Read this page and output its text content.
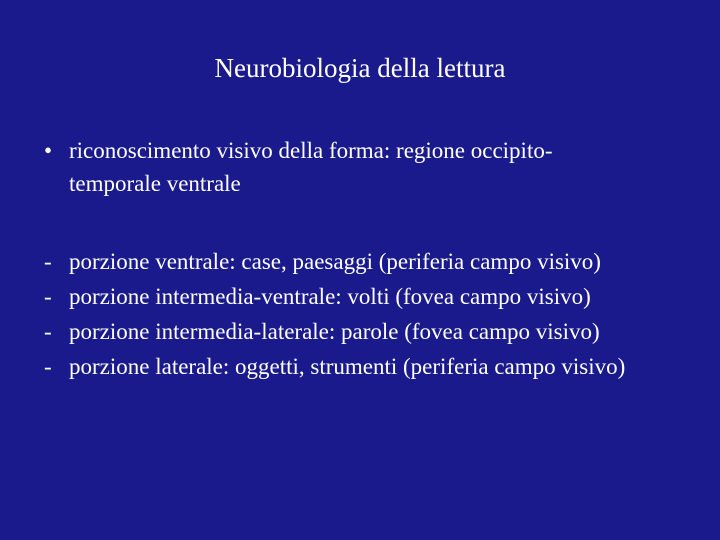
Neurobiologia della lettura
• riconoscimento visivo della forma: regione occipito-
temporale ventrale
- porzione ventrale: case, paesaggi (periferia campo visivo)
- porzione intermedia-ventrale: volti (fovea campo visivo)
- porzione intermedia-laterale: parole (fovea campo visivo)
- porzione laterale: oggetti, strumenti (periferia campo visivo)
